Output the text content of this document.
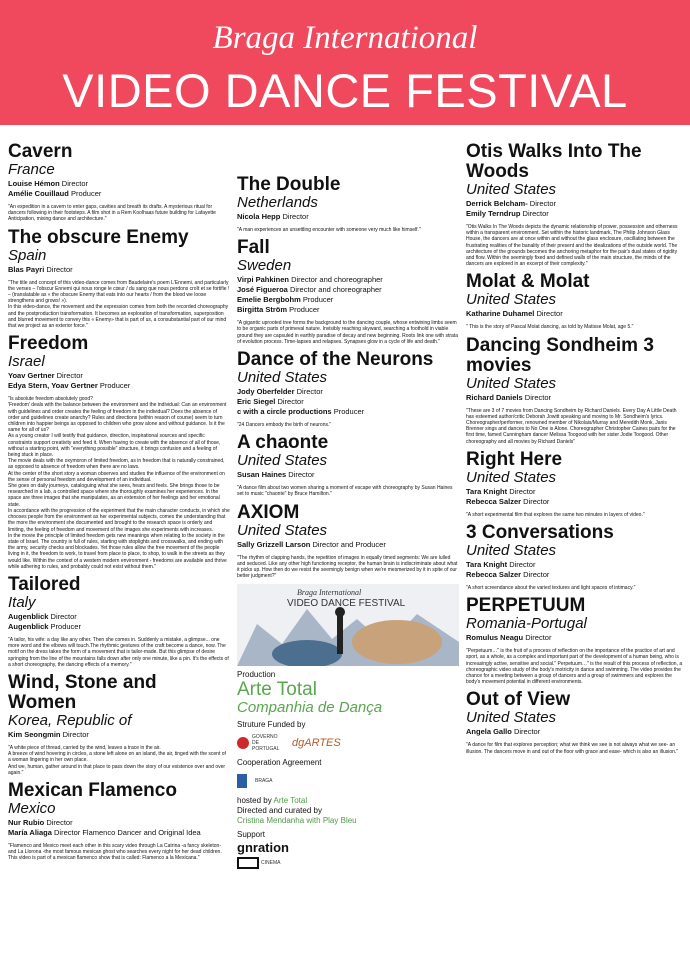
Braga International
VIDEO DANCE FESTIVAL
Cavern
France
Louise Hémon Director
Amélie Couillaud Producer
"An expedition in a cavern to enter gaps, cavities and breath its drafts. A mysterious ritual for dancers following in their footsteps. A film shot in a Rem Koolhaas future building for Lafayette Anticipation, mixing dance and architecture."
The obscure Enemy
Spain
Blas Payri Director
"The title and concept of this video-dance comes from Baudelaire's poem L'Ennemi, and particularly the verses – l'obscur Ennemi qui nous ronge le cœur / du sang que nous perdons croît et se fortifie ! – (translatable as « the obscure Enemy that eats into our hearts / from the blood we loose strengthens and grows! »).
In this video-dance, the movement and the expression comes from both the recorded choreography and the postproduction transformation. It becomes an exploration of transformation, superposition and blurred movement to convey this « Enemy» that is part of us, a consubstantial part of our mind that we project as an exterior force."
Freedom
Israel
Yoav Gertner Director
Edya Stern, Yoav Gertner Producer
"Is absolute freedom absolutely good?
'Freedom' deals with the balance between the environment and the individual: Can an environment with guidelines and order creates the feeling of freedom in the individual? Does the absence of order and guidelines create anarchy? Rules and directions (within reason of course) seem to turn children into happier beings as opposed to children who grow alone and without guidance. Is it the same for all of us?
As a young creator I will testify that guidance, direction, inspirational sources and specific constraints support creativity and feed it. When having to create with the absence of all of those, without a starting point, with "everything possible" structure, it brings confusion and a feeling of being stuck in place.
The movie deals with the oxymoron of limited freedom, as in freedom that is naturally constrained, as opposed to absence of freedom when there are no laws.
At the center of the short story a woman observes and studies the influence of the environment on the sense of personal freedom and development of an individual.
She goes on daily journeys, cataloguing what she sees, hears and feels. She brings those to be researched in a lab, a controlled space where she thoroughly examines her experiences. In the space are three images that she manipulates, as an extension of her feelings and her emotional state.
In accordance with the progression of the experiment that the main character conducts, in which she chooses people from the environment as her experimental subjects, comes the understanding that the more the environment she documented and brought to the research space is orderly and limiting, the feeling of freedom and movement of the images she experiments with increases.
In the movie the principle of limited freedom gets new meanings when relating to the society in the state of Israel. The country is full of rules, starting with stoplights and crosswalks, and ending with the army, security checks and blockades. Yet those rules allow the free movement of the people living in it, the freedom to work, to travel from place to place, to shop, to walk in the streets as they would like. Within the context of a western modern environment - freedoms are available and thrive while adhering to rules, and probably could not exist without them."
Tailored
Italy
Augenblick Director
Augenblick Producer
"A tailor, his wife: a day like any other. Then she comes in. Suddenly a mistake, a glimpse... one more word and the elbows will touch.The rhythmic gestures of the craft become a dance, now. The motif on the dress takes the form of a movement that is tailor-made. But this glimpse of desire springing from the line of the mountains falls down after only one minute, like a pin. It's the effects of a short choreography, the dancing effects of a memory."
Wind, Stone and Women
Korea, Republic of
Kim Seongmin Director
"A white piece of thread, carried by the wind, leaves a trace in the air.
A breeze of wind hovering in circles, a stone left alone on an island, the air, tinged with the scent of a woman lingering in her own place.
And we, human, gather around in that place to pass down the story of our existence over and over again."
Mexican Flamenco
Mexico
Nur Rubio Director
María Aliaga Director Flamenco Dancer and Original Idea
"Flamenco and Mexico meet each other in this scary video through La Catrina -a fancy skeleton- and La Llorona -the most famous mexican ghost who searches every night for her dead children.
This video is part of a mexican flamenco show that is called: Flamenco a la Mexicana."
The Double
Netherlands
Nicola Hepp Director
"A man experiences an unsettling encounter with someone very much like himself."
Fall
Sweden
Virpi Pahkinen Director and choreographer
José Figueroa Director and choreographer
Emelie Bergbohm Producer
Birgitta Ström Producer
"A gigantic uprooted tree forms the background to the dancing couple, whose entwining limbs seem to be organic parts of primeval nature. Invisibly reaching skyward, searching a foothold in viable ground they are capsuled in earthly paradise of decay and new beginning. Roots link one with strata of evolution process. Time-lapses and relapses. Synapses glow in a cycle of life and death."
Dance of the Neurons
United States
Jody Oberfelder Director
Eric Siegel Director
c with a circle productions Producer
"24 Dancers embody the birth of neurons."
A chaonte
United States
Susan Haines Director
"A dance film about two women sharing a moment of escape with choreography by Susan Haines set to music "chaonte" by Bruce Hamilton."
AXIOM
United States
Sally Grizzell Larson Director and Producer
"The rhythm of clapping hands, the repetition of images in equally timed segments: We are lulled and seduced. Like any other high functioning receptor, the human brain is indiscriminate about what it picks up. How then do we resist the seemingly benign when we're mesmerized by it in spite of our better judgment?"
Braga International
VIDEO DANCE FESTIVAL
Production
Arte Total
Companhia de Dança
Struture Funded by
GOVERNO DE PORTUGAL	dgARTES
Cooperation Agreement
BRAGA
hosted by Arte Total
Directed and curated by
Cristina Mendanha with Play Bleu
Support
gnration
CINEMA
Otis Walks Into The Woods
United States
Derrick Belcham- Director
Emily Terndrup Director
"Otis Walks In The Woods depicts the dynamic relationship of power, possession and otherness within a transparent environment. Set within the historic landmark, The Philip Johnson Glass House, the dancers are at once within and without the glass enclosure, oscillating between the frustrating realities of the banality of their present and the idealizations of the outside world. The architecture of the grounds becomes the anchoring metaphor for the pair's dual states of rigidity and flow. Within the seemingly fixed and defined walls of the main structure, the minds of the dancers are explored in an excerpt of their complexity."
Molat & Molat
United States
Katharine Duhamel Director
" This is the story of Pascal Molat dancing, as told by Matisse Molat, age 5."
Dancing Sondheim 3 movies
United States
Richard Daniels Director
"These are 3 of 7 movies from Dancing Sondheim by Richard Daniels. Every Day A Little Death has esteemed author/critic Deborah Jowitt speaking and moving to Mr. Sondheim's lyrics. Choreographer/performer, renowned member of Nikolais/Murray and Meredith Monk, Janis Brenner sings and dances to No One is Alone. Choreographer Christopher Caines pairs for the first time, famed Cunningham dancer Melissa Toogood with her sister Jodie Toogood. Other choreography and all movies by Richard Daniels"
Right Here
United States
Tara Knight Director
Rebecca Salzer Director
"A short experimental film that explores the same two minutes in layers of video."
3 Conversations
United States
Tara Knight Director
Rebecca Salzer Director
"A short screendance about the varied textures and light spaces of intimacy."
PERPETUUM
Romania-Portugal
Romulus Neagu Director
"Perpetuum…" is the fruit of a process of reflection on the importance of the practice of art and sport, as a whole, as a complex and important part of the development of a human being, who is increasingly active, sensitive and social." Perpetuum…" is the result of this process of reflection, a choreographic video study of the body's motricity in dance and swimming. The video provides the chance for a meeting between a group of dancers and a group of swimmers and explores the body's movement potential in different environments.
Out of View
United States
Angela Gallo Director
"A dance for film that explores perception; what we think we see is not always what we see- an illusion. The dancers move in and out of the floor with grace and ease- which is also an illusion."
